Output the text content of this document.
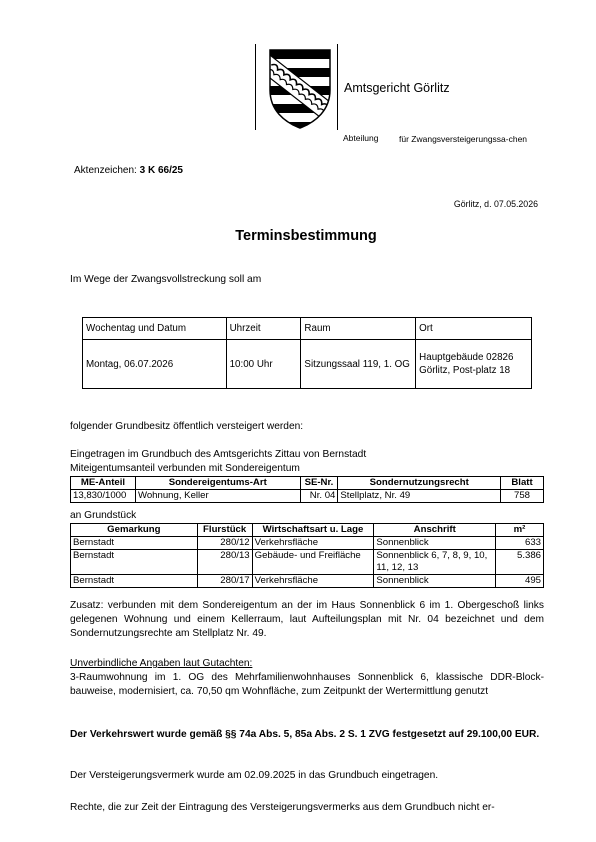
Amtsgericht Görlitz
Abteilung für Zwangsversteigerungssa-chen
Aktenzeichen: 3 K 66/25
Görlitz, d. 07.05.2026
Terminsbestimmung
Im Wege der Zwangsvollstreckung soll am
Wochentag und Datum	Uhrzeit	Raum	Ort
Montag, 06.07.2026	10:00 Uhr	Sitzungssaal 119, 1. OG	Hauptgebäude 02826 Görlitz, Post-platz 18
folgender Grundbesitz öffentlich versteigert werden:
Eingetragen im Grundbuch des Amtsgerichts Zittau von Bernstadt
Miteigentumsanteil verbunden mit Sondereigentum
ME-Anteil	Sondereigentums-Art	SE-Nr.	Sondernutzungsrecht	Blatt
13,830/1000	Wohnung, Keller	Nr. 04	Stellplatz, Nr. 49	758
an Grundstück
Gemarkung	Flurstück	Wirtschaftsart u. Lage	Anschrift	m²
Bernstadt	280/12	Verkehrsfläche	Sonnenblick	633
Bernstadt	280/13	Gebäude- und Freifläche	Sonnenblick 6, 7, 8, 9, 10, 11, 12, 13	5.386
Bernstadt	280/17	Verkehrsfläche	Sonnenblick	495
Zusatz: verbunden mit dem Sondereigentum an der im Haus Sonnenblick 6 im 1. Obergeschoß links gelegenen Wohnung und einem Kellerraum, laut Aufteilungsplan mit Nr. 04 bezeichnet und dem Sondernutzungsrechte am Stellplatz Nr. 49.
Unverbindliche Angaben laut Gutachten:
3-Raumwohnung im 1. OG des Mehrfamilienwohnhauses Sonnenblick 6, klassische DDR-Block-bauweise, modernisiert, ca. 70,50 qm Wohnfläche, zum Zeitpunkt der Wertermittlung genutzt
Der Verkehrswert wurde gemäß §§ 74a Abs. 5, 85a Abs. 2 S. 1 ZVG festgesetzt auf 29.100,00 EUR.
Der Versteigerungsvermerk wurde am 02.09.2025 in das Grundbuch eingetragen.
Rechte, die zur Zeit der Eintragung des Versteigerungsvermerks aus dem Grundbuch nicht er-
